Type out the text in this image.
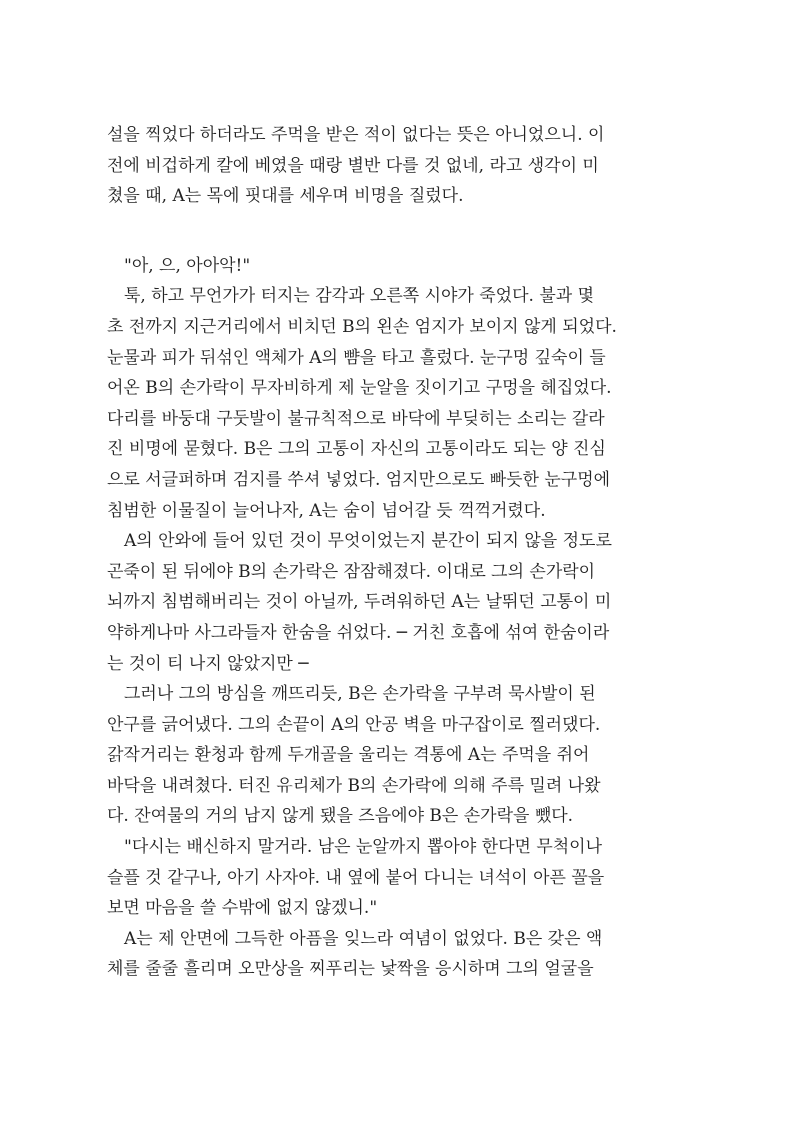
설을 찍었다 하더라도 주먹을 받은 적이 없다는 뜻은 아니었으니. 이
전에 비겁하게 칼에 베였을 때랑 별반 다를 것 없네, 라고 생각이 미
쳤을 때, A는 목에 핏대를 세우며 비명을 질렀다.
"아, 으, 아아악!"
툭, 하고 무언가가 터지는 감각과 오른쪽 시야가 죽었다. 불과 몇
초 전까지 지근거리에서 비치던 B의 왼손 엄지가 보이지 않게 되었다.
눈물과 피가 뒤섞인 액체가 A의 뺨을 타고 흘렀다. 눈구멍 깊숙이 들
어온 B의 손가락이 무자비하게 제 눈알을 짓이기고 구멍을 헤집었다.
다리를 바둥대 구둣발이 불규칙적으로 바닥에 부딪히는 소리는 갈라
진 비명에 묻혔다. B은 그의 고통이 자신의 고통이라도 되는 양 진심
으로 서글퍼하며 검지를 쑤셔 넣었다. 엄지만으로도 빠듯한 눈구멍에
침범한 이물질이 늘어나자, A는 숨이 넘어갈 듯 꺽꺽거렸다.
A의 안와에 들어 있던 것이 무엇이었는지 분간이 되지 않을 정도로
곤죽이 된 뒤에야 B의 손가락은 잠잠해졌다. 이대로 그의 손가락이
뇌까지 침범해버리는 것이 아닐까, 두려워하던 A는 날뛰던 고통이 미
약하게나마 사그라들자 한숨을 쉬었다. ─ 거친 호흡에 섞여 한숨이라
는 것이 티 나지 않았지만 ─
그러나 그의 방심을 깨뜨리듯, B은 손가락을 구부려 묵사발이 된
안구를 긁어냈다. 그의 손끝이 A의 안공 벽을 마구잡이로 찔러댔다.
갉작거리는 환청과 함께 두개골을 울리는 격통에 A는 주먹을 쥐어
바닥을 내려쳤다. 터진 유리체가 B의 손가락에 의해 주륵 밀려 나왔
다. 잔여물의 거의 남지 않게 됐을 즈음에야 B은 손가락을 뺐다.
"다시는 배신하지 말거라. 남은 눈알까지 뽑아야 한다면 무척이나
슬플 것 같구나, 아기 사자야. 내 옆에 붙어 다니는 녀석이 아픈 꼴을
보면 마음을 쓸 수밖에 없지 않겠니."
A는 제 안면에 그득한 아픔을 잊느라 여념이 없었다. B은 갖은 액
체를 줄줄 흘리며 오만상을 찌푸리는 낯짝을 응시하며 그의 얼굴을
